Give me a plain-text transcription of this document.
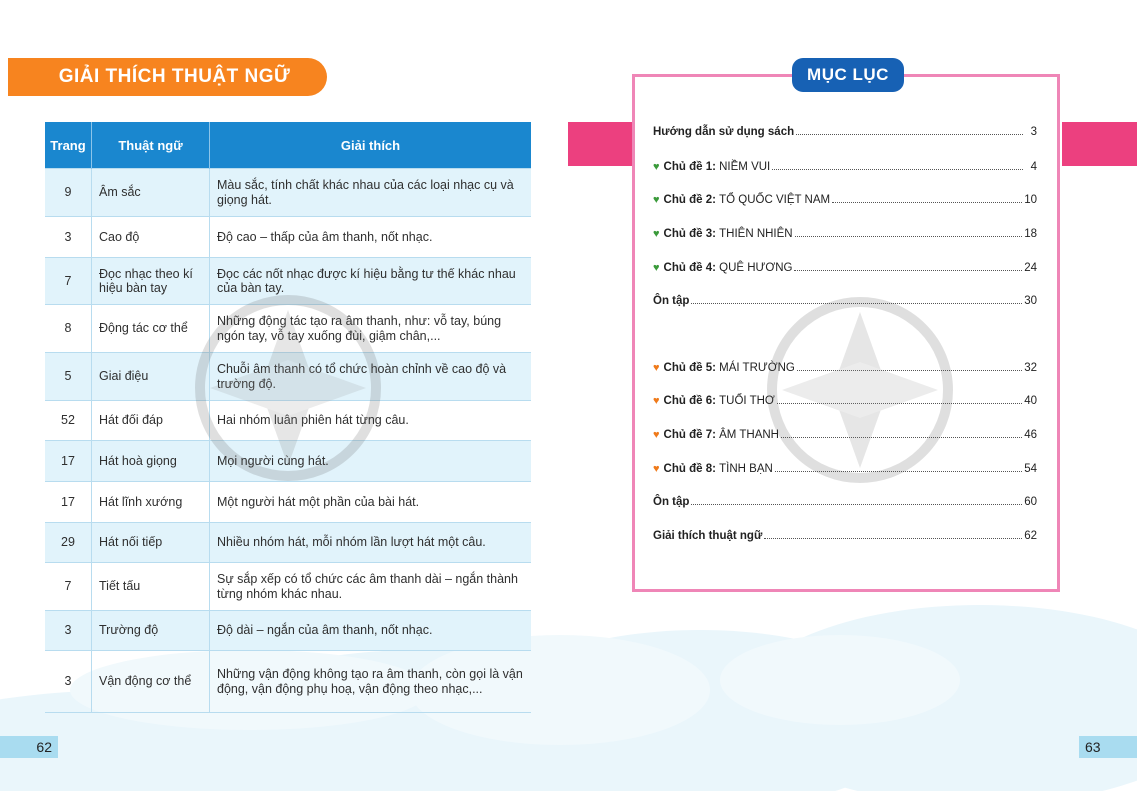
GIẢI THÍCH THUẬT NGỮ
Trang	Thuật ngữ	Giải thích
9	Âm sắc	Màu sắc, tính chất khác nhau của các loại nhạc cụ và giọng hát.
3	Cao độ	Độ cao – thấp của âm thanh, nốt nhạc.
7	Đọc nhạc theo kí hiệu bàn tay	Đọc các nốt nhạc được kí hiệu bằng tư thế khác nhau của bàn tay.
8	Động tác cơ thể	Những động tác tạo ra âm thanh, như: vỗ tay, búng ngón tay, vỗ tay xuống đùi, giậm chân,...
5	Giai điệu	Chuỗi âm thanh có tổ chức hoàn chỉnh về cao độ và trường độ.
52	Hát đối đáp	Hai nhóm luân phiên hát từng câu.
17	Hát hoà giọng	Mọi người cùng hát.
17	Hát lĩnh xướng	Một người hát một phần của bài hát.
29	Hát nối tiếp	Nhiều nhóm hát, mỗi nhóm lần lượt hát một câu.
7	Tiết tấu	Sự sắp xếp có tổ chức các âm thanh dài – ngắn thành từng nhóm khác nhau.
3	Trường độ	Độ dài – ngắn của âm thanh, nốt nhạc.
3	Vận động cơ thể	Những vận động không tạo ra âm thanh, còn gọi là vận động, vận động phụ hoạ, vận động theo nhạc,...
62
MỤC LỤC
Hướng dẫn sử dụng sách	3
♥ Chủ đề 1: NIỀM VUI	4
♥ Chủ đề 2: TỔ QUỐC VIỆT NAM	10
♥ Chủ đề 3: THIÊN NHIÊN	18
♥ Chủ đề 4: QUÊ HƯƠNG	24
Ôn tập	30
♥ Chủ đề 5: MÁI TRƯỜNG	32
♥ Chủ đề 6: TUỔI THƠ	40
♥ Chủ đề 7: ÂM THANH	46
♥ Chủ đề 8: TÌNH BẠN	54
Ôn tập	60
Giải thích thuật ngữ	62
63
